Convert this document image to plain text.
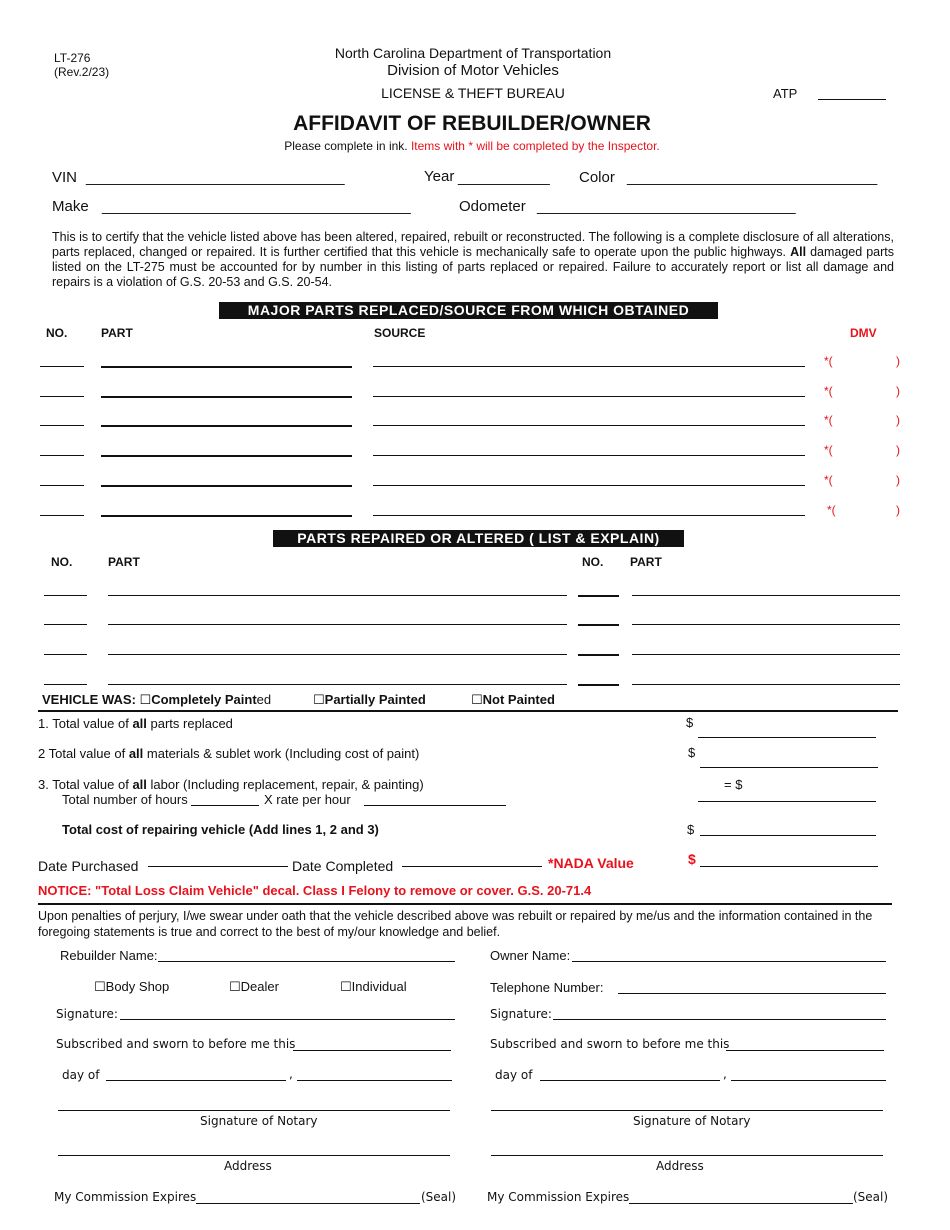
LT-276
(Rev.2/23)
North Carolina Department of Transportation
Division of Motor Vehicles
LICENSE & THEFT BUREAU	ATP
AFFIDAVIT OF REBUILDER/OWNER
Please complete in ink. Items with * will be completed by the Inspector.
VIN _______________________________	Year ___________ Color ______________________________
Make _____________________________________	Odometer _______________________________
This is to certify that the vehicle listed above has been altered, repaired, rebuilt or reconstructed. The following is a complete disclosure of all alterations, parts replaced, changed or repaired. It is further certified that this vehicle is mechanically safe to operate upon the public highways. All damaged parts listed on the LT-275 must be accounted for by number in this listing of parts replaced or repaired. Failure to accurately report or list all damage and repairs is a violation of G.S. 20-53 and G.S. 20-54.
MAJOR PARTS REPLACED/SOURCE FROM WHICH OBTAINED
NO.	PART	SOURCE	DMV
*(	)
*(	)
*(	)
*(	)
*(	)
*(	)
PARTS REPAIRED OR ALTERED ( LIST & EXPLAIN)
NO.	PART	NO. PART
VEHICLE WAS: ☐Completely Painted	☐Partially Painted	☐Not Painted
1. Total value of all parts replaced	$
2 Total value of all materials & sublet work (Including cost of paint)	$
3. Total value of all labor (Including replacement, repair, & painting)	= $
Total number of hours	X rate per hour
Total cost of repairing vehicle (Add lines 1, 2 and 3)	$
Date Purchased	Date Completed	*NADA Value	$
NOTICE: "Total Loss Claim Vehicle" decal. Class I Felony to remove or cover. G.S. 20-71.4
Upon penalties of perjury, I/we swear under oath that the vehicle described above was rebuilt or repaired by me/us and the information contained in the foregoing statements is true and correct to the best of my/our knowledge and belief.
Rebuilder Name:
☐Body Shop	☐Dealer	☐Individual
Signature:
Subscribed and sworn to before me this
day of	,
Signature of Notary
Address
My Commission Expires	(Seal)
Owner Name:
Telephone Number:
Signature:
Subscribed and sworn to before me this
day of	,
Signature of Notary
Address
My Commission Expires	(Seal)
